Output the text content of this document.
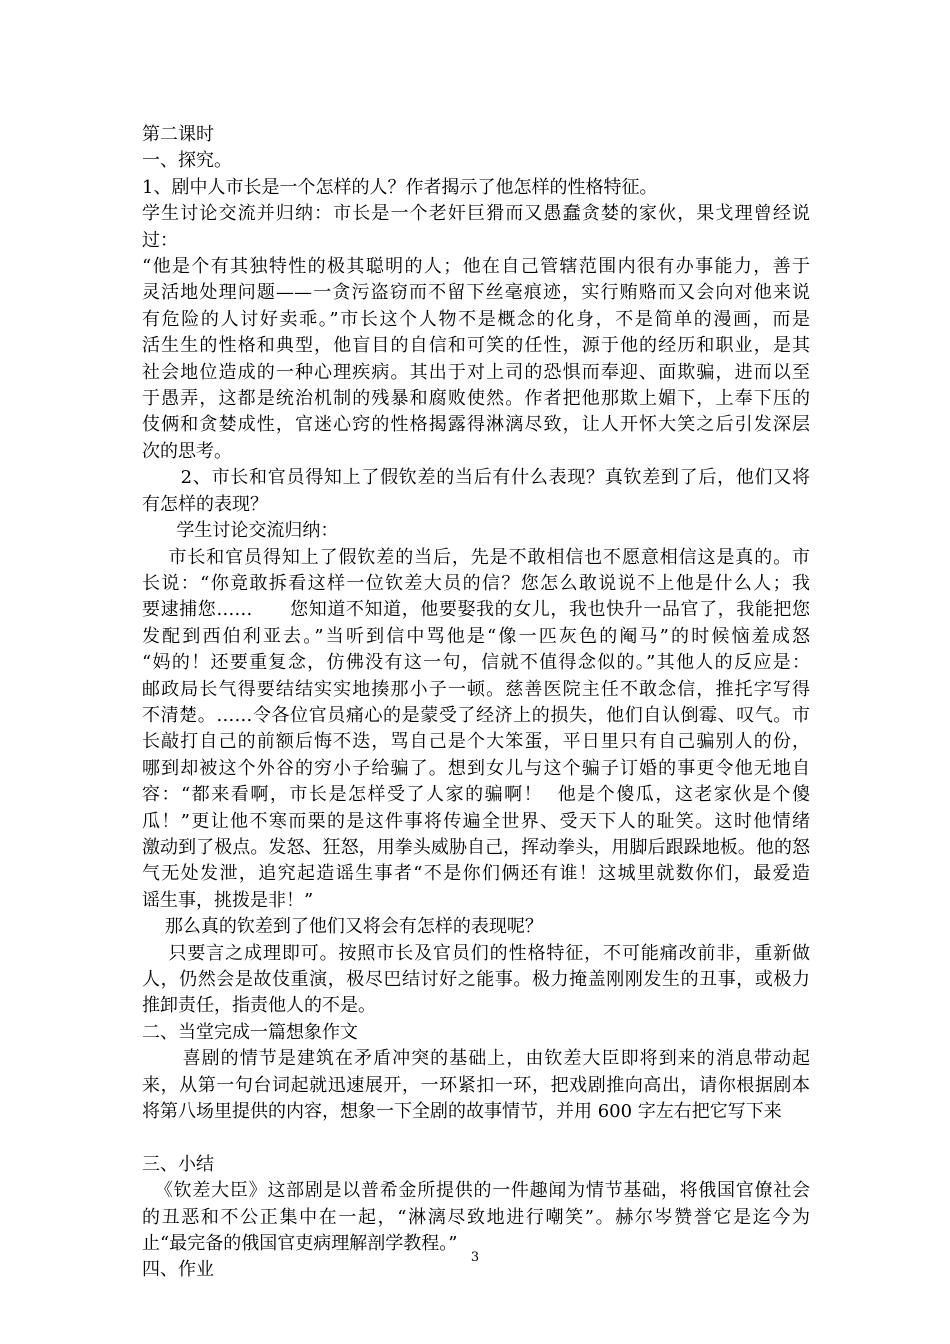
第二课时
一、探究。
1、剧中人市长是一个怎样的人？作者揭示了他怎样的性格特征。
学生讨论交流并归纳：市长是一个老奸巨猾而又愚蠢贪婪的家伙，果戈理曾经说
过：
“他是个有其独特性的极其聪明的人；他在自己管辖范围内很有办事能力，善于
灵活地处理问题——一贪污盗窃而不留下丝毫痕迹，实行贿赂而又会向对他来说
有危险的人讨好卖乖。”市长这个人物不是概念的化身，不是简单的漫画，而是
活生生的性格和典型，他盲目的自信和可笑的任性，源于他的经历和职业，是其
社会地位造成的一种心理疾病。其出于对上司的恐惧而奉迎、面欺骗，进而以至
于愚弄，这都是统治机制的残暴和腐败使然。作者把他那欺上媚下，上奉下压的
伎俩和贪婪成性，官迷心窍的性格揭露得淋漓尽致，让人开怀大笑之后引发深层
次的思考。
2、市长和官员得知上了假钦差的当后有什么表现？真钦差到了后，他们又将
有怎样的表现？
学生讨论交流归纳：
市长和官员得知上了假钦差的当后，先是不敢相信也不愿意相信这是真的。市
长说：“你竟敢拆看这样一位钦差大员的信？您怎么敢说说不上他是什么人；我
要逮捕您……      您知道不知道，他要娶我的女儿，我也快升一品官了，我能把您
发配到西伯利亚去。”当听到信中骂他是“像一匹灰色的阉马”的时候恼羞成怒
“妈的！还要重复念，仿佛没有这一句，信就不值得念似的。”其他人的反应是：
邮政局长气得要结结实实地揍那小子一顿。慈善医院主任不敢念信，推托字写得
不清楚。……令各位官员痛心的是蒙受了经济上的损失，他们自认倒霉、叹气。市
长敲打自己的前额后悔不迭，骂自己是个大笨蛋，平日里只有自己骗别人的份，
哪到却被这个外谷的穷小子给骗了。想到女儿与这个骗子订婚的事更令他无地自
容：“都来看啊，市长是怎样受了人家的骗啊！  他是个傻瓜，这老家伙是个傻
瓜！”更让他不寒而栗的是这件事将传遍全世界、受天下人的耻笑。这时他情绪
激动到了极点。发怒、狂怒，用拳头威胁自己，挥动拳头，用脚后跟跺地板。他的怒
气无处发泄，追究起造谣生事者“不是你们俩还有谁！这城里就数你们，最爱造
谣生事，挑拨是非！”
那么真的钦差到了他们又将会有怎样的表现呢？
只要言之成理即可。按照市长及官员们的性格特征，不可能痛改前非，重新做
人，仍然会是故伎重演，极尽巴结讨好之能事。极力掩盖刚刚发生的丑事，或极力
推卸责任，指责他人的不是。
二、当堂完成一篇想象作文
喜剧的情节是建筑在矛盾冲突的基础上，由钦差大臣即将到来的消息带动起
来，从第一句台词起就迅速展开，一环紧扣一环，把戏剧推向高出，请你根据剧本
将第八场里提供的内容，想象一下全剧的故事情节，并用 600 字左右把它写下来
三、小结
《钦差大臣》这部剧是以普希金所提供的一件趣闻为情节基础，将俄国官僚社会
的丑恶和不公正集中在一起，“淋漓尽致地进行嘲笑”。赫尔岑赞誉它是迄今为
止“最完备的俄国官吏病理解剖学教程。”
四、作业
3
